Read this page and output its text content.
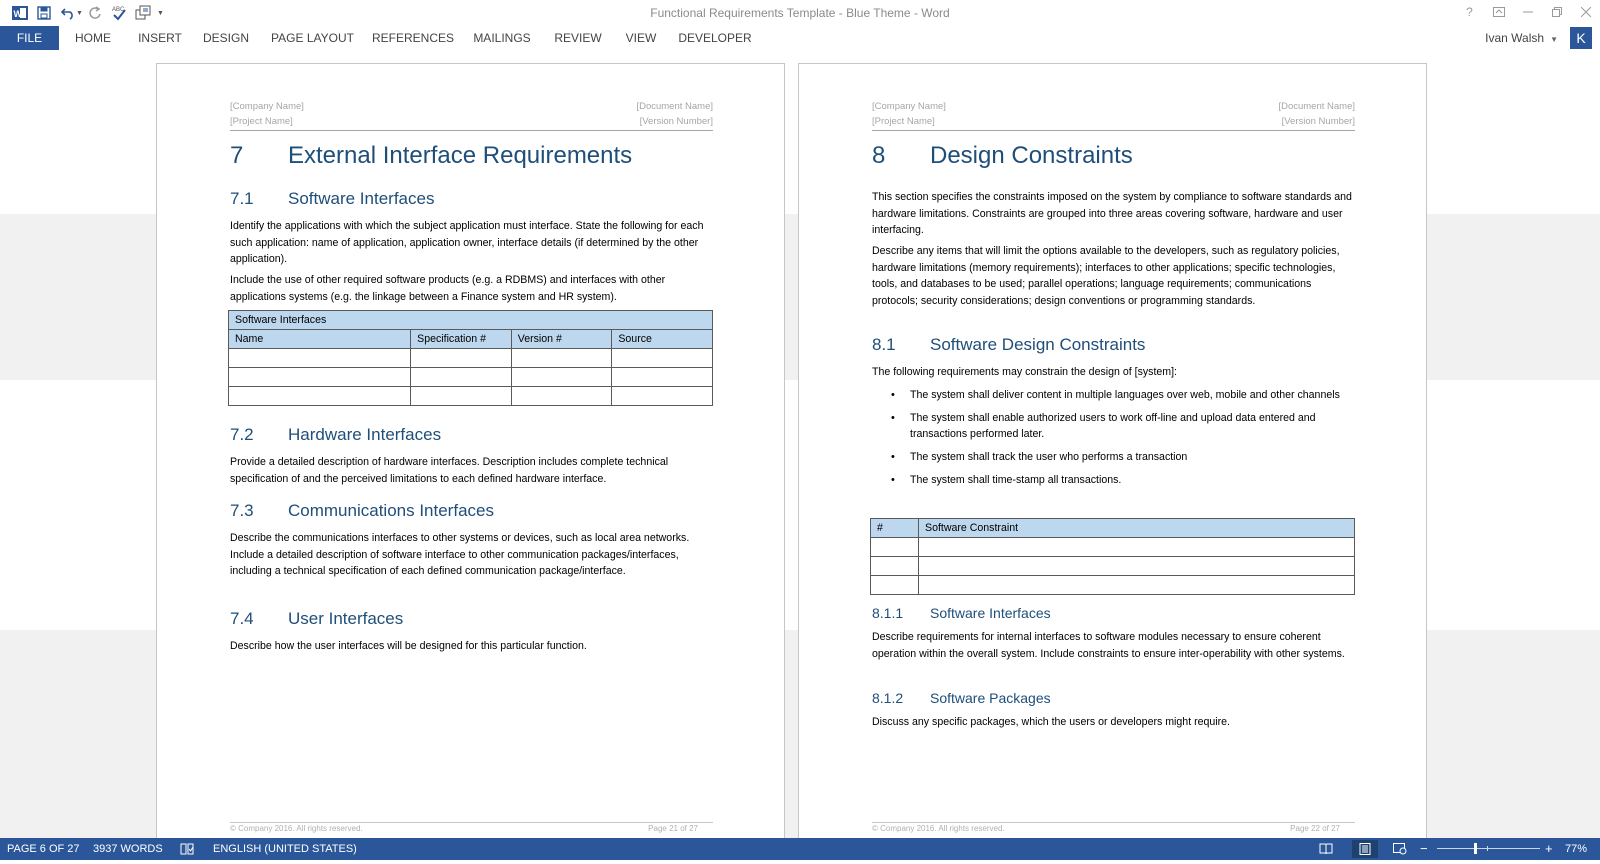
W	▼	ABC	▼	Functional Requirements Template - Blue Theme - Word	?
FILE	HOME	INSERT	DESIGN	PAGE LAYOUT	REFERENCES	MAILINGS	REVIEW	VIEW	DEVELOPER	Ivan Walsh ▼	K
[Company Name]	[Document Name]
[Project Name]	[Version Number]
7 External Interface Requirements
7.1 Software Interfaces

Identify the applications with which the subject application must interface. State the following for each such application: name of application, application owner, interface details (if determined by the other application).

Include the use of other required software products (e.g. a RDBMS) and interfaces with other applications systems (e.g. the linkage between a Finance system and HR system).

Software Interfaces			
Name	Specification #	Version #	Source

7.2 Hardware Interfaces

Provide a detailed description of hardware interfaces. Description includes complete technical specification of and the perceived limitations to each defined hardware interface.

7.3 Communications Interfaces

Describe the communications interfaces to other systems or devices, such as local area networks. Include a detailed description of software interface to other communication packages/interfaces, including a technical specification of each defined communication package/interface.

7.4 User Interfaces

Describe how the user interfaces will be designed for this particular function.

© Company 2016. All rights reserved.	Page 21 of 27
[Company Name]	[Document Name]
[Project Name]	[Version Number]
8 Design Constraints

This section specifies the constraints imposed on the system by compliance to software standards and hardware limitations. Constraints are grouped into three areas covering software, hardware and user interfacing.

Describe any items that will limit the options available to the developers, such as regulatory policies, hardware limitations (memory requirements); interfaces to other applications; specific technologies, tools, and databases to be used; parallel operations; language requirements; communications protocols; security considerations; design conventions or programming standards.

8.1 Software Design Constraints

The following requirements may constrain the design of [system]:

• The system shall deliver content in multiple languages over web, mobile and other channels
• The system shall enable authorized users to work off-line and upload data entered and transactions performed later.
• The system shall track the user who performs a transaction
• The system shall time-stamp all transactions.
#	Software Constraint

8.1.1 Software Interfaces

Describe requirements for internal interfaces to software modules necessary to ensure coherent operation within the overall system. Include constraints to ensure inter-operability with other systems.

8.1.2 Software Packages

Discuss any specific packages, which the users or developers might require.

© Company 2016. All rights reserved.	Page 22 of 27
PAGE 6 OF 27 3937 WORDS	ENGLISH (UNITED STATES)	−	+ 77%
